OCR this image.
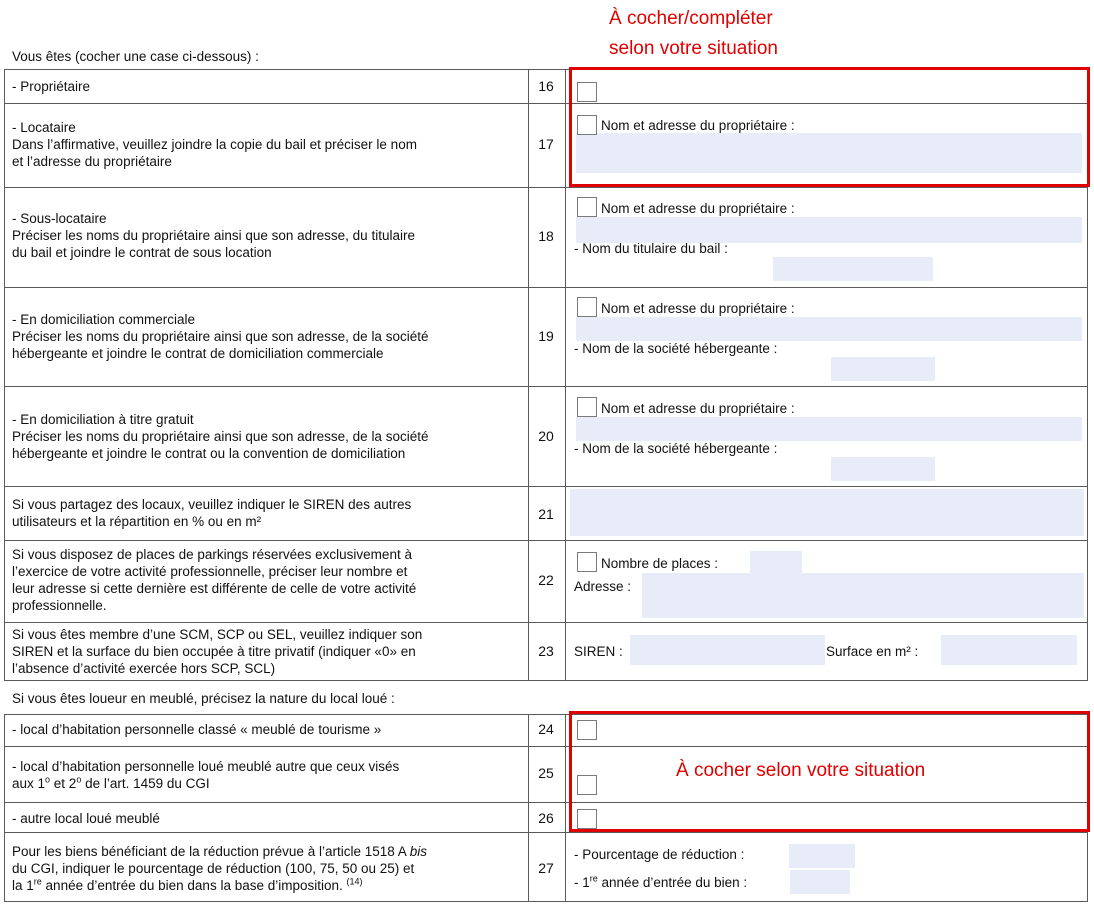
À cocher/compléter
selon votre situation
Vous êtes (cocher une case ci-dessous) :
- Propriétaire	16
- Locataire
Dans l’affirmative, veuillez joindre la copie du bail et préciser le nom
et l’adresse du propriétaire
17
Nom et adresse du propriétaire :
- Sous-locataire
Préciser les noms du propriétaire ainsi que son adresse, du titulaire
du bail et joindre le contrat de sous location
18
Nom et adresse du propriétaire :
- Nom du titulaire du bail :
- En domiciliation commerciale
Préciser les noms du propriétaire ainsi que son adresse, de la société
hébergeante et joindre le contrat de domiciliation commerciale
19
Nom et adresse du propriétaire :
- Nom de la société hébergeante :
- En domiciliation à titre gratuit
Préciser les noms du propriétaire ainsi que son adresse, de la société
hébergeante et joindre le contrat ou la convention de domiciliation
20
Nom et adresse du propriétaire :
- Nom de la société hébergeante :
Si vous partagez des locaux, veuillez indiquer le SIREN des autres
utilisateurs et la répartition en % ou en m²	21
Si vous disposez de places de parkings réservées exclusivement à
l’exercice de votre activité professionnelle, préciser leur nombre et
leur adresse si cette dernière est différente de celle de votre activité
professionnelle.
22
Nombre de places :
Adresse :
Si vous êtes membre d’une SCM, SCP ou SEL, veuillez indiquer son
SIREN et la surface du bien occupée à titre privatif (indiquer «0» en
l’absence d’activité exercée hors SCP, SCL)
23	SIREN :	Surface en m² :
Si vous êtes loueur en meublé, précisez la nature du local loué :
- local d’habitation personnelle classé « meublé de tourisme »	24
- local d’habitation personnelle loué meublé autre que ceux visés
aux 1$^o$ et 2$^o$ de l’art. 1459 du CGI
25
- autre local loué meublé	26
Pour les biens bénéficiant de la réduction prévue à l’article 1518 A bis
du CGI, indiquer le pourcentage de réduction (100, 75, 50 ou 25) et
la 1re année d’entrée du bien dans la base d’imposition. $^{(14)}$
27
- Pourcentage de réduction :
- 1re année d’entrée du bien :
À cocher selon votre situation
